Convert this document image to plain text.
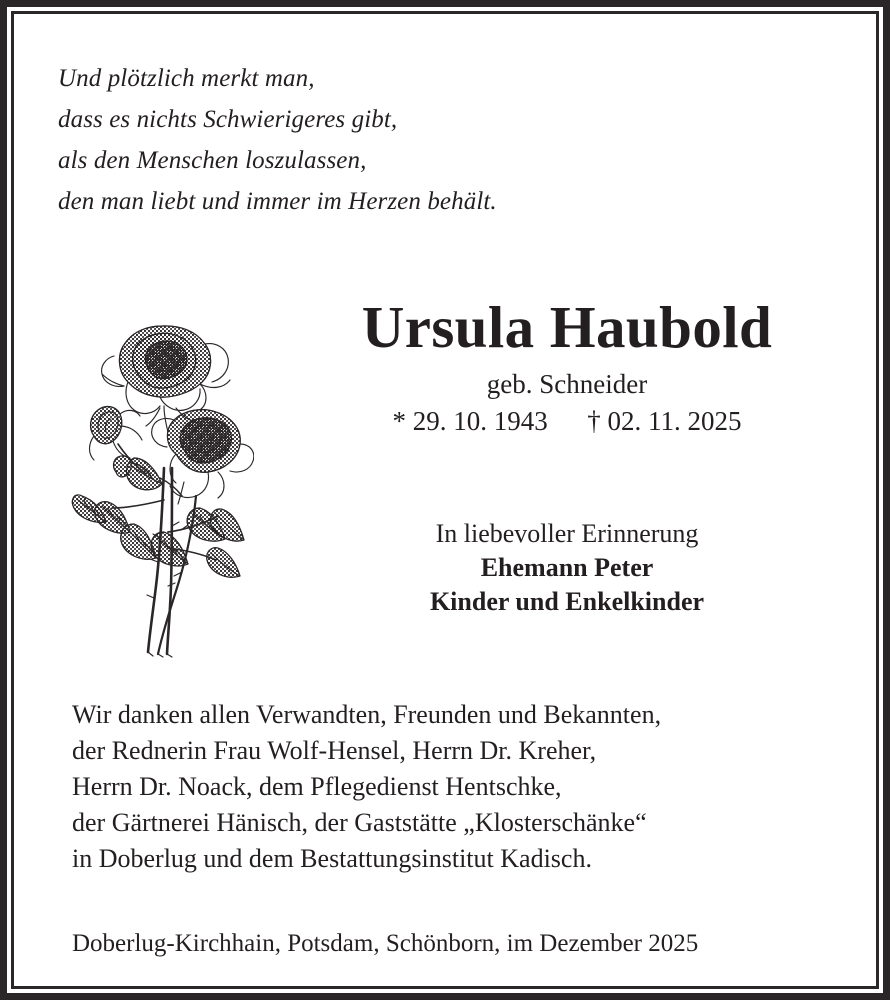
Und plötzlich merkt man,
dass es nichts Schwierigeres gibt,
als den Menschen loszulassen,
den man liebt und immer im Herzen behält.
Ursula Haubold
geb. Schneider
* 29. 10. 1943 † 02. 11. 2025
In liebevoller Erinnerung
Ehemann Peter
Kinder und Enkelkinder
Wir danken allen Verwandten, Freunden und Bekannten,
der Rednerin Frau Wolf-Hensel, Herrn Dr. Kreher,
Herrn Dr. Noack, dem Pflegedienst Hentschke,
der Gärtnerei Hänisch, der Gaststätte „Klosterschänke“
in Doberlug und dem Bestattungsinstitut Kadisch.
Doberlug-Kirchhain, Potsdam, Schönborn, im Dezember 2025
